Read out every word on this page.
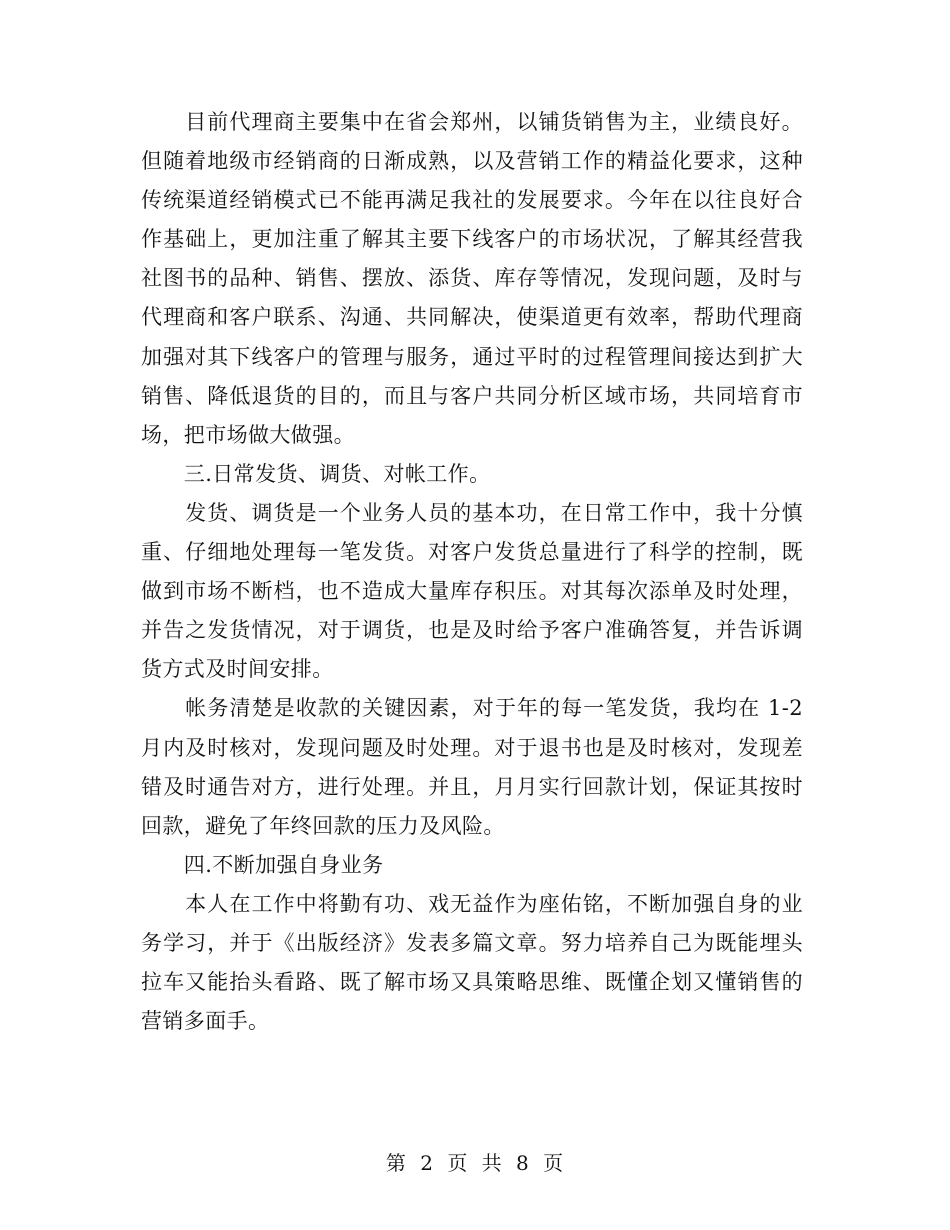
　　目前代理商主要集中在省会郑州，以铺货销售为主，业绩良好。
但随着地级市经销商的日渐成熟，以及营销工作的精益化要求，这种
传统渠道经销模式已不能再满足我社的发展要求。今年在以往良好合
作基础上，更加注重了解其主要下线客户的市场状况，了解其经营我
社图书的品种、销售、摆放、添货、库存等情况，发现问题，及时与
代理商和客户联系、沟通、共同解决，使渠道更有效率，帮助代理商
加强对其下线客户的管理与服务，通过平时的过程管理间接达到扩大
销售、降低退货的目的，而且与客户共同分析区域市场，共同培育市
场，把市场做大做强。
　　三.日常发货、调货、对帐工作。
　　发货、调货是一个业务人员的基本功，在日常工作中，我十分慎
重、仔细地处理每一笔发货。对客户发货总量进行了科学的控制，既
做到市场不断档，也不造成大量库存积压。对其每次添单及时处理，
并告之发货情况，对于调货，也是及时给予客户准确答复，并告诉调
货方式及时间安排。
　　帐务清楚是收款的关键因素，对于年的每一笔发货，我均在 1-2
月内及时核对，发现问题及时处理。对于退书也是及时核对，发现差
错及时通告对方，进行处理。并且，月月实行回款计划，保证其按时
回款，避免了年终回款的压力及风险。
　　四.不断加强自身业务
　　本人在工作中将勤有功、戏无益作为座佑铭，不断加强自身的业
务学习，并于《出版经济》发表多篇文章。努力培养自己为既能埋头
拉车又能抬头看路、既了解市场又具策略思维、既懂企划又懂销售的
营销多面手。
第 2 页 共 8 页
